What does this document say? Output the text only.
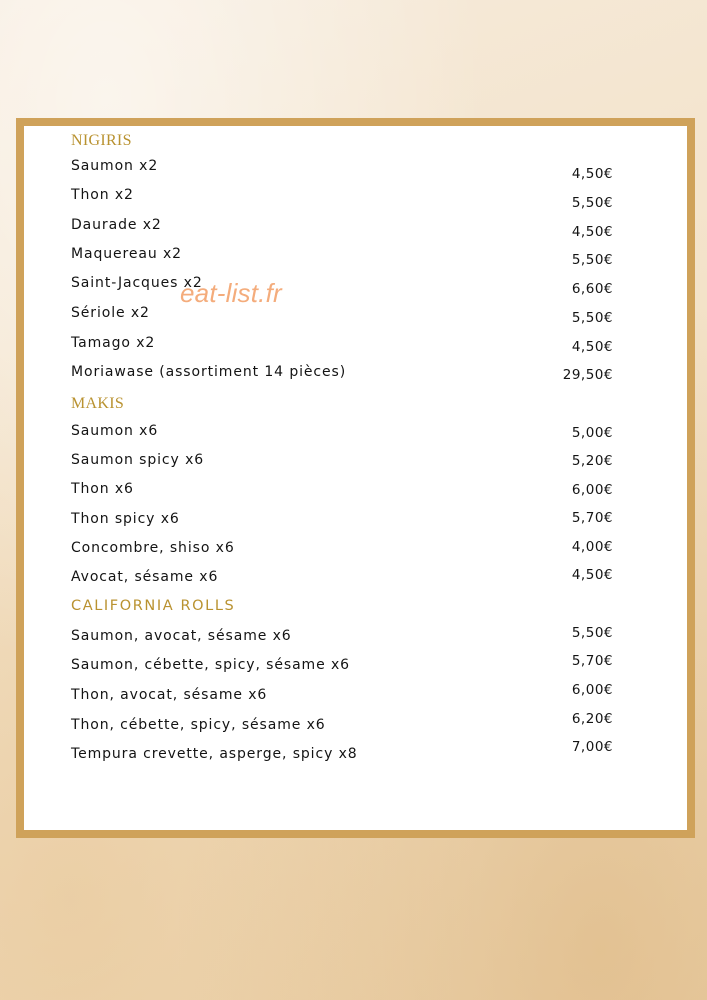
NIGIRIS
Saumon x2	4,50€
Thon x2	5,50€
Daurade x2	4,50€
Maquereau x2	5,50€
Saint-Jacques x2	6,60€
Sériole x2	5,50€
Tamago x2	4,50€
Moriawase (assortiment 14 pièces)	29,50€
MAKIS
Saumon x6	5,00€
Saumon spicy x6	5,20€
Thon x6	6,00€
Thon spicy x6	5,70€
Concombre, shiso x6	4,00€
Avocat, sésame x6	4,50€
CALIFORNIA ROLLS
Saumon, avocat, sésame x6	5,50€
Saumon, cébette, spicy, sésame x6	5,70€
Thon, avocat, sésame x6	6,00€
Thon, cébette, spicy, sésame x6	6,20€
Tempura crevette, asperge, spicy x8	7,00€
eat-list.fr
